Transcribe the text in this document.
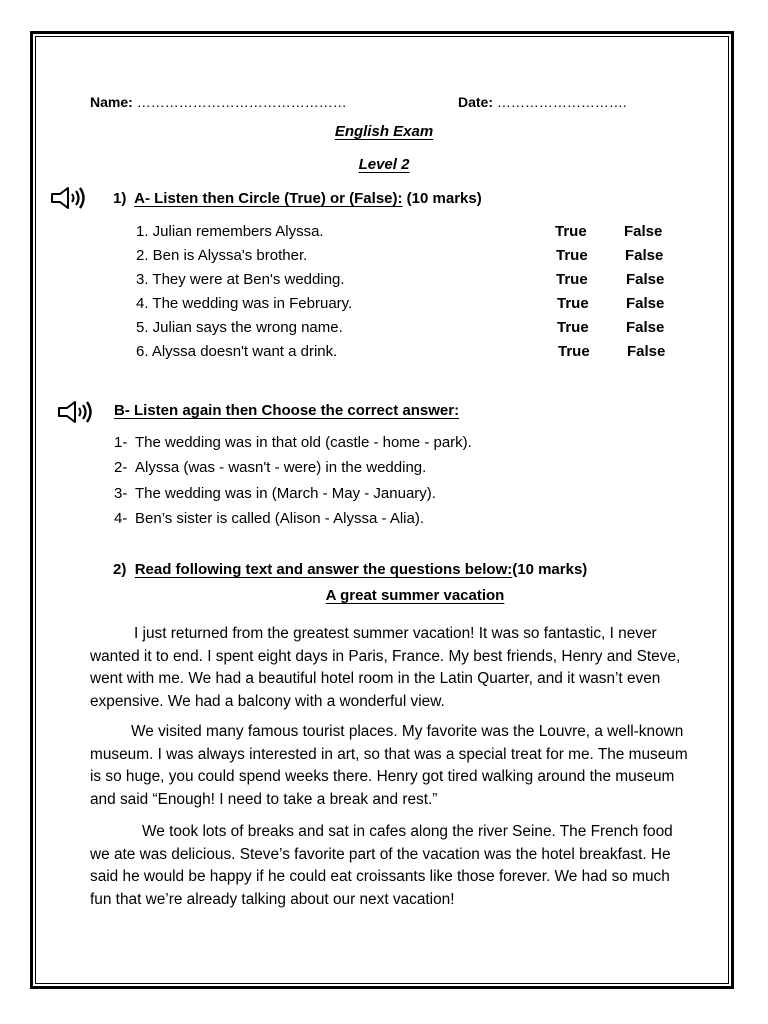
Name: ………………………………………	Date: ……………………….
English Exam
Level 2
1) A- Listen then Circle (True) or (False): (10 marks)
1. Julian remembers Alyssa.	True False
2. Ben is Alyssa's brother.	True False
3. They were at Ben's wedding.	True	False
4. The wedding was in February.	True False
5. Julian says the wrong name.	True False
6. Alyssa doesn't want a drink.	True False
B- Listen again then Choose the correct answer:
1- The wedding was in that old (castle - home - park).
2- Alyssa (was - wasn't - were) in the wedding.
3- The wedding was in (March - May - January).
4- Ben’s sister is called (Alison - Alyssa - Alia).
2) Read following text and answer the questions below:(10 marks)
A great summer vacation

I just returned from the greatest summer vacation! It was so fantastic, I never wanted it to end. I spent eight days in Paris, France. My best friends, Henry and Steve, went with me. We had a beautiful hotel room in the Latin Quarter, and it wasn’t even expensive. We had a balcony with a wonderful view.

We visited many famous tourist places. My favorite was the Louvre, a well-known museum. I was always interested in art, so that was a special treat for me. The museum is so huge, you could spend weeks there. Henry got tired walking around the museum and said “Enough! I need to take a break and rest.”

We took lots of breaks and sat in cafes along the river Seine. The French food we ate was delicious. Steve’s favorite part of the vacation was the hotel breakfast. He said he would be happy if he could eat croissants like those forever. We had so much fun that we’re already talking about our next vacation!
